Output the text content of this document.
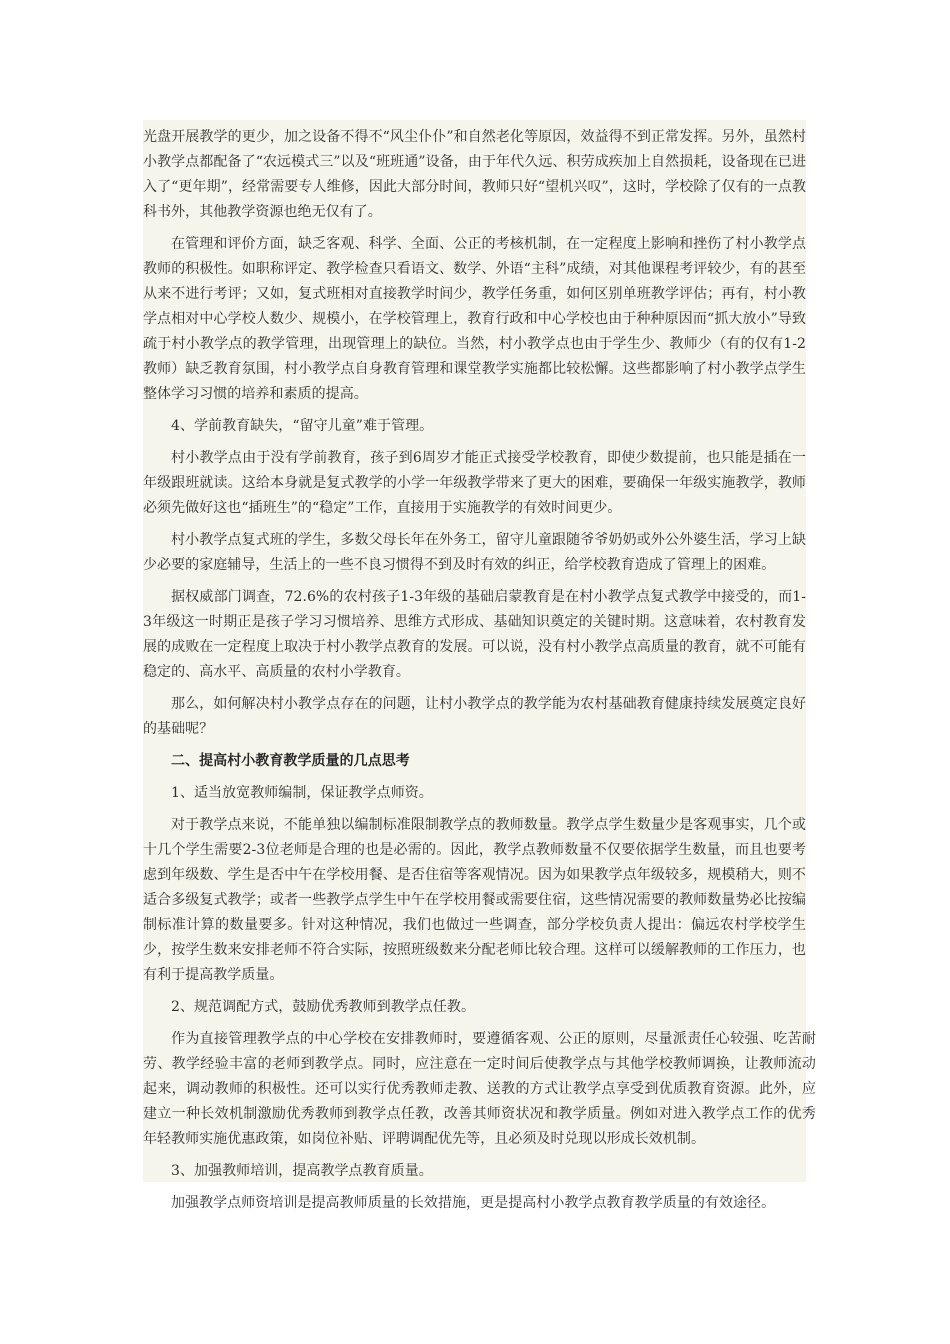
光盘开展教学的更少，加之设备不得不“风尘仆仆”和自然老化等原因，效益得不到正常发挥。另外，虽然村小教学点都配备了“农远模式三”以及“班班通”设备，由于年代久远、积劳成疾加上自然损耗，设备现在已进入了“更年期”，经常需要专人维修，因此大部分时间，教师只好“望机兴叹”，这时，学校除了仅有的一点教科书外，其他教学资源也绝无仅有了。

在管理和评价方面，缺乏客观、科学、全面、公正的考核机制，在一定程度上影响和挫伤了村小教学点教师的积极性。如职称评定、教学检查只看语文、数学、外语“主科”成绩，对其他课程考评较少，有的甚至从来不进行考评；又如，复式班相对直接教学时间少，教学任务重，如何区别单班教学评估；再有，村小教学点相对中心学校人数少、规模小，在学校管理上，教育行政和中心学校也由于种种原因而“抓大放小”导致疏于村小教学点的教学管理，出现管理上的缺位。当然，村小教学点也由于学生少、教师少（有的仅有1-2教师）缺乏教育氛围，村小教学点自身教育管理和课堂教学实施都比较松懈。这些都影响了村小教学点学生整体学习习惯的培养和素质的提高。

4、学前教育缺失，“留守儿童”难于管理。

村小教学点由于没有学前教育，孩子到6周岁才能正式接受学校教育，即使少数提前，也只能是插在一年级跟班就读。这给本身就是复式教学的小学一年级教学带来了更大的困难，要确保一年级实施教学，教师必须先做好这也“插班生”的“稳定”工作，直接用于实施教学的有效时间更少。

村小教学点复式班的学生，多数父母长年在外务工，留守儿童跟随爷爷奶奶或外公外婆生活，学习上缺少必要的家庭辅导，生活上的一些不良习惯得不到及时有效的纠正，给学校教育造成了管理上的困难。

据权威部门调查，72.6%的农村孩子1-3年级的基础启蒙教育是在村小教学点复式教学中接受的，而1-3年级这一时期正是孩子学习习惯培养、思维方式形成、基础知识奠定的关键时期。这意味着，农村教育发展的成败在一定程度上取决于村小教学点教育的发展。可以说，没有村小教学点高质量的教育，就不可能有稳定的、高水平、高质量的农村小学教育。

那么，如何解决村小教学点存在的问题，让村小教学点的教学能为农村基础教育健康持续发展奠定良好的基础呢？

二、提高村小教育教学质量的几点思考

1、适当放宽教师编制，保证教学点师资。

对于教学点来说，不能单独以编制标准限制教学点的教师数量。教学点学生数量少是客观事实，几个或十几个学生需要2-3位老师是合理的也是必需的。因此，教学点教师数量不仅要依据学生数量，而且也要考虑到年级数、学生是否中午在学校用餐、是否住宿等客观情况。因为如果教学点年级较多，规模稍大，则不适合多级复式教学；或者一些教学点学生中午在学校用餐或需要住宿，这些情况需要的教师数量势必比按编制标准计算的数量要多。针对这种情况，我们也做过一些调查，部分学校负责人提出：偏远农村学校学生少，按学生数来安排老师不符合实际，按照班级数来分配老师比较合理。这样可以缓解教师的工作压力，也有利于提高教学质量。

2、规范调配方式，鼓励优秀教师到教学点任教。

作为直接管理教学点的中心学校在安排教师时，要遵循客观、公正的原则，尽量派责任心较强、吃苦耐劳、教学经验丰富的老师到教学点。同时，应注意在一定时间后使教学点与其他学校教师调换，让教师流动起来，调动教师的积极性。还可以实行优秀教师走教、送教的方式让教学点享受到优质教育资源。此外，应建立一种长效机制激励优秀教师到教学点任教，改善其师资状况和教学质量。例如对进入教学点工作的优秀年轻教师实施优惠政策，如岗位补贴、评聘调配优先等，且必须及时兑现以形成长效机制。

3、加强教师培训，提高教学点教育质量。

加强教学点师资培训是提高教师质量的长效措施，更是提高村小教学点教育教学质量的有效途径。
